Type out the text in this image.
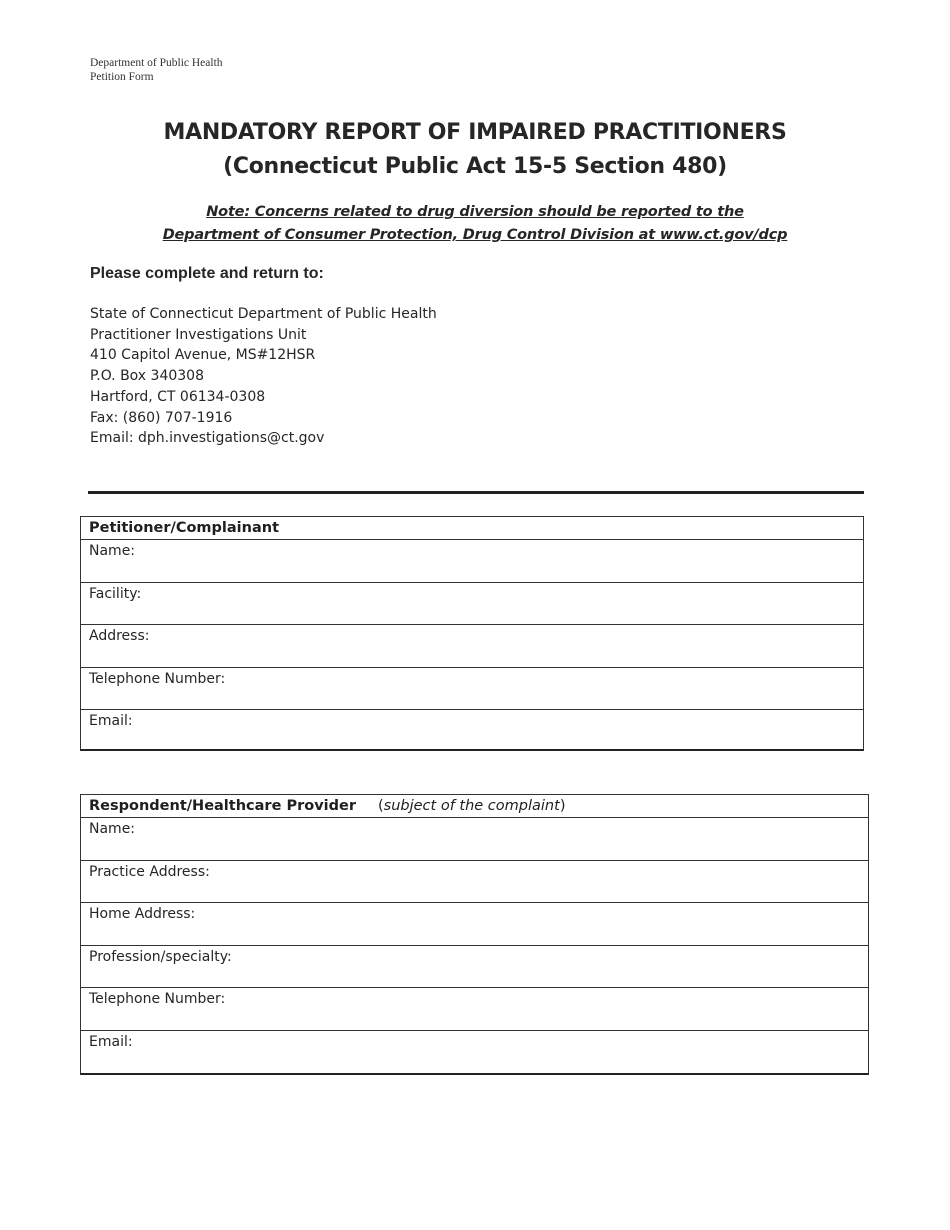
Department of Public Health
Petition Form
MANDATORY REPORT OF IMPAIRED PRACTITIONERS
(Connecticut Public Act 15-5 Section 480)
Note: Concerns related to drug diversion should be reported to the
Department of Consumer Protection, Drug Control Division at www.ct.gov/dcp
Please complete and return to:
State of Connecticut Department of Public Health
Practitioner Investigations Unit
410 Capitol Avenue, MS#12HSR
P.O. Box 340308
Hartford, CT 06134-0308
Fax: (860) 707-1916
Email: dph.investigations@ct.gov
Petitioner/Complainant
Name:
Facility:
Address:
Telephone Number:
Email:
Respondent/Healthcare Provider (subject of the complaint)
Name:
Practice Address:
Home Address:
Profession/specialty:
Telephone Number:
Email:
